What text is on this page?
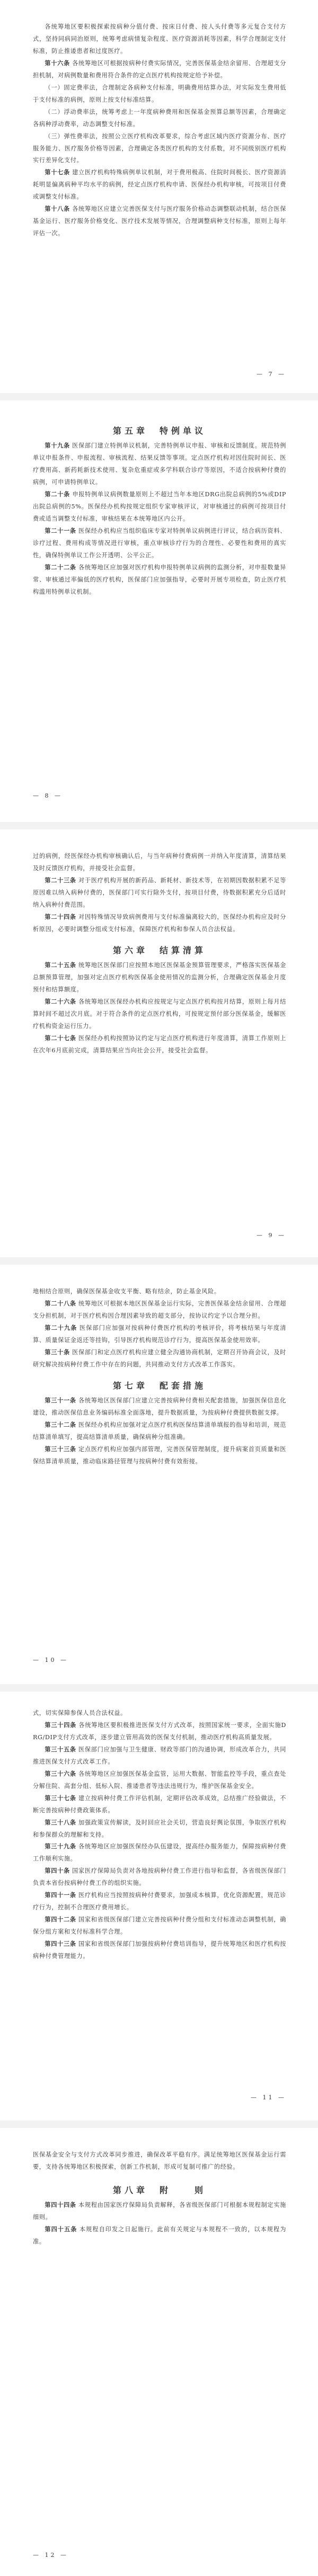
各统筹地区要积极探索按病种分值付费、按床日付费、按人头付费等多元复合支付方式，坚持同病同治原则，统筹考虑病情复杂程度、医疗资源消耗等因素，科学合理制定支付标准，防止推诿患者和过度医疗。

第十六条 各统筹地区可根据按病种付费实际情况，完善医保基金结余留用、合理超支分担机制，对病例数量和费用符合条件的定点医疗机构按规定给予补偿。

（一）固定费率法，合理制定各病种支付标准，明确费用结算办法，对实际发生费用低于支付标准的病例，原则上按支付标准结算。

（二）浮动费率法，统筹考虑上一年度病种费用和医保基金预算总额等因素，合理确定各病种浮动费率，动态调整支付标准。

（三）弹性费率法，按照公立医疗机构改革要求，综合考虑区域内医疗资源分布、医疗服务能力、医疗服务价格等因素，合理确定各类医疗机构的支付系数，对不同级别医疗机构实行差异化支付。

第十七条 建立医疗机构特殊病例单议机制，对于费用极高、住院时间极长、医疗资源消耗明显偏离病种平均水平的病例，经定点医疗机构申请、医保经办机构审核，可按项目付费或调整支付标准。

第十八条 各统筹地区应建立完善医保支付与医疗服务价格动态调整联动机制，结合医保基金运行、医疗服务价格变化、医疗技术发展等情况，合理调整病种支付标准，原则上每年评估一次。

— 7 —

第五章 特例单议

第十九条 医保部门建立特例单议机制，完善特例单议申报、审核和反馈制度。规范特例单议申报条件、申报流程、审核流程、结果反馈等事项。定点医疗机构对因住院时间长、医疗费用高、新药耗新技术使用、复杂危重症或多学科联合诊疗等原因，不适合按病种付费的病例，可申请特例单议。

第二十条 申报特例单议病例数量原则上不超过当年本地区DRG出院总病例的5%或DIP出院总病例的5%。医保经办机构按规定组织专家审核评议，对审核通过的病例可按项目付费或适当调整支付标准，审核结果在本统筹地区内公开。

第二十一条 医保经办机构应当组织临床专家对特例单议病例进行评议，结合病历资料、诊疗过程、费用构成等情况进行审核，重点审核诊疗行为的合理性、必要性和费用的真实性，确保特例单议工作公开透明、公平公正。

第二十二条 各统筹地区应加强对医疗机构申报特例单议病例的监测分析，对申报数量异常、审核通过率偏低的医疗机构，医保部门应加强指导，必要时开展专项检查，防止医疗机构滥用特例单议机制。

— 8 —

过的病例，经医保经办机构审核确认后，与当年病种付费病例一并纳入年度清算，清算结果及时反馈医疗机构，并接受社会监督。

第二十三条 对于医疗机构开展的新药品、新耗材、新技术等，在初期因数据积累不足等原因难以纳入病种付费的，医保部门可实行除外支付，按项目付费，待数据积累充分后适时纳入病种付费范围。

第二十四条 对因特殊情况导致病例费用与支付标准偏离较大的，医保经办机构应及时分析原因，必要时调整分组或支付标准，保障医疗机构和参保人员合法权益。

第六章 结算清算

第二十五条 统筹地区医保部门应按照本地区医保基金预算管理要求，严格落实医保基金总额预算管理，加强对定点医疗机构医保基金使用情况的监测分析，合理确定医保基金月度预付和结算额度。

第二十六条 各统筹地区医保经办机构应按规定与定点医疗机构按月结算，原则上每月结算时间不超过次月底。对于符合条件的定点医疗机构，可按规定预付部分医保基金，缓解医疗机构资金运行压力。

第二十七条 医保经办机构按照协议约定与定点医疗机构进行年度清算，清算工作原则上在次年6月底前完成，清算结果应当向社会公开，接受社会监督。

— 9 —

地相结合原则，确保医保基金收支平衡、略有结余，防止基金风险。

第二十八条 统筹地区可根据本地区医保基金运行实际，完善医保基金结余留用、合理超支分担机制，对于医疗机构因合理因素导致的超支部分，按协议约定予以合理分担。

第二十九条 医保部门应加强对按病种付费医疗机构的考核评价，将考核结果与年度清算、质量保证金返还等挂钩，引导医疗机构规范诊疗行为，提高医保基金使用效率。

第三十条 医保部门和定点医疗机构应建立健全沟通协商机制，定期召开协商会议，及时研究解决按病种付费工作中存在的问题，共同推动支付方式改革工作落实。

第七章 配套措施

第三十一条 各统筹地区医保部门应建立完善按病种付费相关配套措施，加强医保信息化建设，推动医保信息业务编码标准全面落地，提升数据质量，为按病种付费提供数据支撑。

第三十二条 医保经办机构应加强对定点医疗机构医保结算清单填报的指导和培训，规范结算清单填写，提高结算清单质量，确保病种分组准确。

第三十三条 定点医疗机构应加强内部管理，完善医保管理制度，提升病案首页质量和医保结算清单质量，推动临床路径管理与按病种付费有效衔接。

— 10 —

式，切实保障参保人员合法权益。

第三十四条 各统筹地区要积极推进医保支付方式改革，按照国家统一要求，全面实施DRG/DIP支付方式改革，逐步建立管用高效的医保支付机制，推动医疗机构高质量发展。

第三十五条 医保部门应加强与卫生健康、财政等部门的沟通协调，形成改革合力，共同推进医保支付方式改革工作。

第三十六条 各统筹地区应加强医保基金监管，运用大数据、智能监控等手段，重点查处分解住院、高套分组、低标入院、推诿患者等违法违规行为，维护医保基金安全。

第三十七条 建立按病种付费工作评估机制，定期评估改革成效，总结推广经验做法，不断完善按病种付费政策体系。

第三十八条 加强政策宣传解读，及时回应社会关切，营造良好舆论氛围，争取医疗机构和参保群众的理解和支持。

第三十九条 各统筹地区应加强医保经办队伍建设，提高经办服务能力，保障按病种付费工作顺利实施。

第四十条 国家医疗保障局负责对各地按病种付费工作进行指导和监督，各省级医保部门负责本省份按病种付费工作的组织实施。

第四十一条 医疗机构应当按照按病种付费要求，加强成本核算，优化资源配置，规范诊疗行为，控制不合理医疗费用增长。

第四十二条 国家和省级医保部门建立完善按病种付费分组和支付标准动态调整机制，确保分组方案和支付标准科学合理。

第四十三条 国家和省级医保部门加强按病种付费培训指导，提升统筹地区和医疗机构按病种付费管理能力。

— 11 —

医保基金安全与支付方式改革同步推进，确保改革平稳有序。满足统筹地区医保基金运行需要，支持各统筹地区积极探索，创新工作机制，形成可复制可推广的经验。

第八章 附　　则

第四十四条 本规程由国家医疗保障局负责解释，各省级医保部门可根据本规程制定实施细则。

第四十五条 本规程自印发之日起施行。此前有关规定与本规程不一致的，以本规程为准。

— 12 —
